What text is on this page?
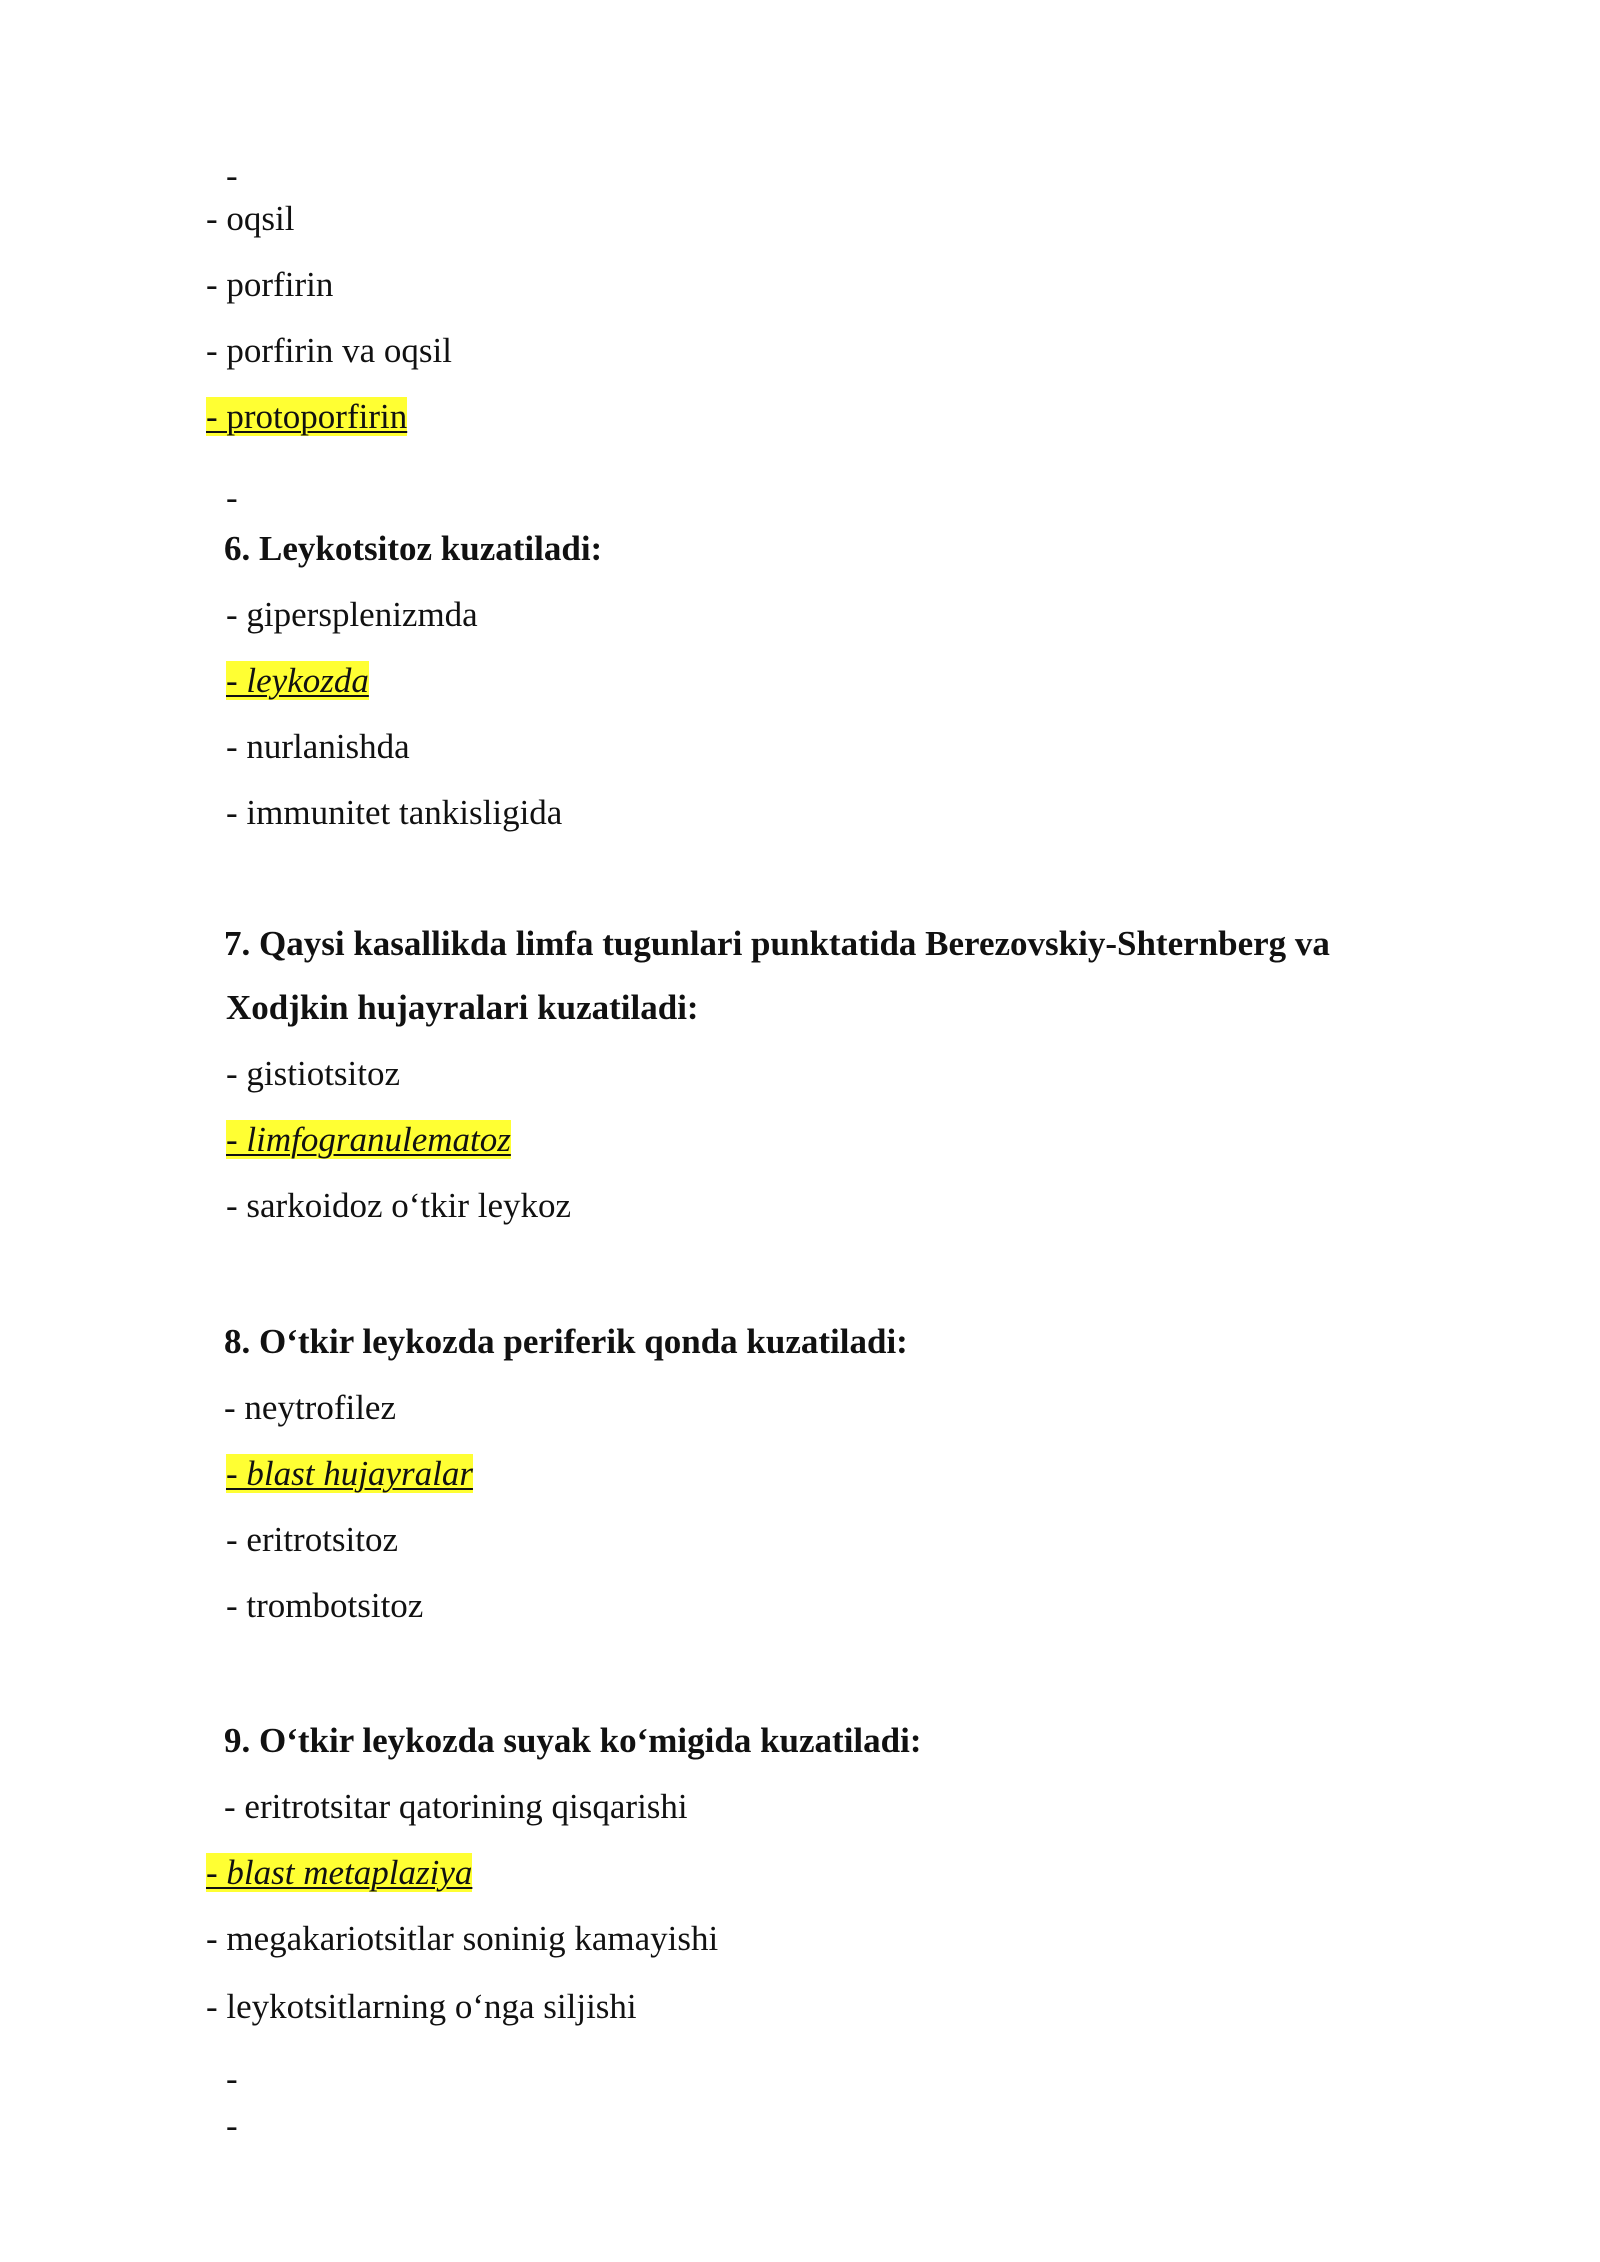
-
- oqsil
- porfirin
- porfirin va oqsil
- protoporfirin
-
6. Leykotsitoz kuzatiladi:
- gipersplenizmda
- leykozda
- nurlanishda
- immunitet tankisligida
7. Qaysi kasallikda limfa tugunlari punktatida Berezovskiy-Shternberg va
Xodjkin hujayralari kuzatiladi:
- gistiotsitoz
- limfogranulematoz
- sarkoidoz o‘tkir leykoz
8. O‘tkir leykozda periferik qonda kuzatiladi:
- neytrofilez
- blast hujayralar
- eritrotsitoz
- trombotsitoz
9. O‘tkir leykozda suyak ko‘migida kuzatiladi:
- eritrotsitar qatorining qisqarishi
- blast metaplaziya
- megakariotsitlar soninig kamayishi
- leykotsitlarning o‘nga siljishi
-
-
